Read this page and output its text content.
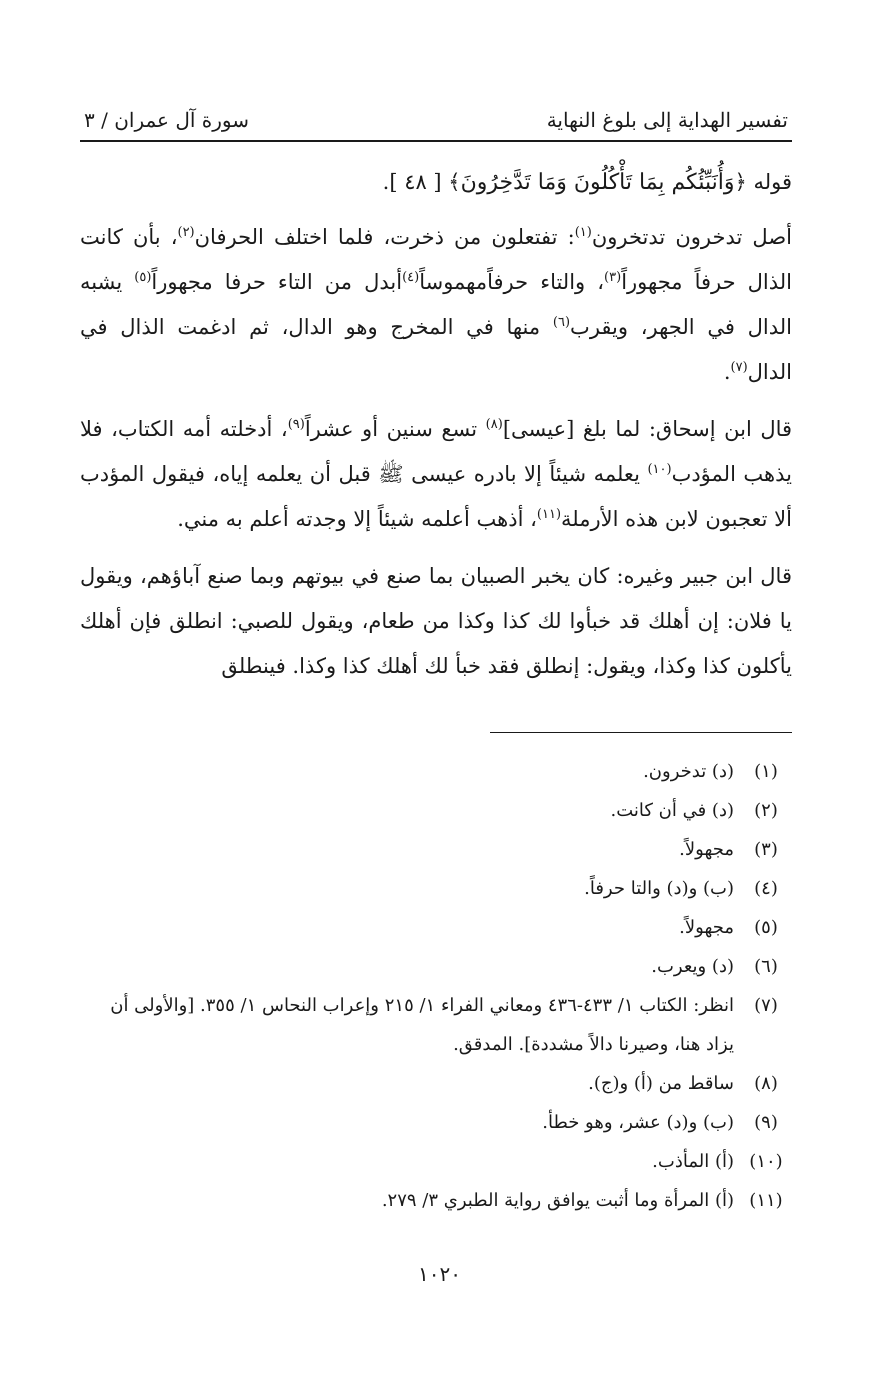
تفسير الهداية إلى بلوغ النهاية
سورة آل عمران / ٣

قوله ﴿وَأُنَبِّئُكُم بِمَا تَأْكُلُونَ وَمَا تَدَّخِرُونَ﴾ [ ٤٨ ].

أصل تدخرون تدتخرون$^{(١)}$: تفتعلون من ذخرت، فلما اختلف الحرفان$^{(٢)}$، بأن كانت الذال حرفاً مجهوراً$^{(٣)}$، والتاء حرفاًمهموساً$^{(٤)}$أبدل من التاء حرفا مجهوراً$^{(٥)}$ يشبه الدال في الجهر، ويقرب$^{(٦)}$ منها في المخرج وهو الدال، ثم ادغمت الذال في الدال$^{(٧)}$.

قال ابن إسحاق: لما بلغ [عيسى]$^{(٨)}$ تسع سنين أو عشراً$^{(٩)}$، أدخلته أمه الكتاب، فلا يذهب المؤدب$^{(١٠)}$ يعلمه شيئاً إلا بادره عيسى ﷺ قبل أن يعلمه إياه، فيقول المؤدب ألا تعجبون لابن هذه الأرملة$^{(١١)}$، أذهب أعلمه شيئاً إلا وجدته أعلم به مني.

قال ابن جبير وغيره: كان يخبر الصبيان بما صنع في بيوتهم وبما صنع آباؤهم، ويقول يا فلان: إن أهلك قد خبأوا لك كذا وكذا من طعام، ويقول للصبي: انطلق فإن أهلك يأكلون كذا وكذا، ويقول: إنطلق فقد خبأ لك أهلك كذا وكذا. فينطلق

(١)
(د) تدخرون.
(٢)
(د) في أن كانت.
(٣)
مجهولاً.
(٤)
(ب) و(د) والتا حرفاً.
(٥)
مجهولاً.
(٦)
(د) ويعرب.
(٧)
انظر: الكتاب ١/ ٤٣٣-٤٣٦ ومعاني الفراء ١/ ٢١٥ وإعراب النحاس ١/ ٣٥٥. [والأولى أن يزاد هنا، وصيرنا دالاً مشددة]. المدقق.
(٨)
ساقط من (أ) و(ج).
(٩)
(ب) و(د) عشر، وهو خطأ.
(١٠)
(أ) المأذب.
(١١)
(أ) المرأة وما أثبت يوافق رواية الطبري ٣/ ٢٧٩.
١٠٢٠
